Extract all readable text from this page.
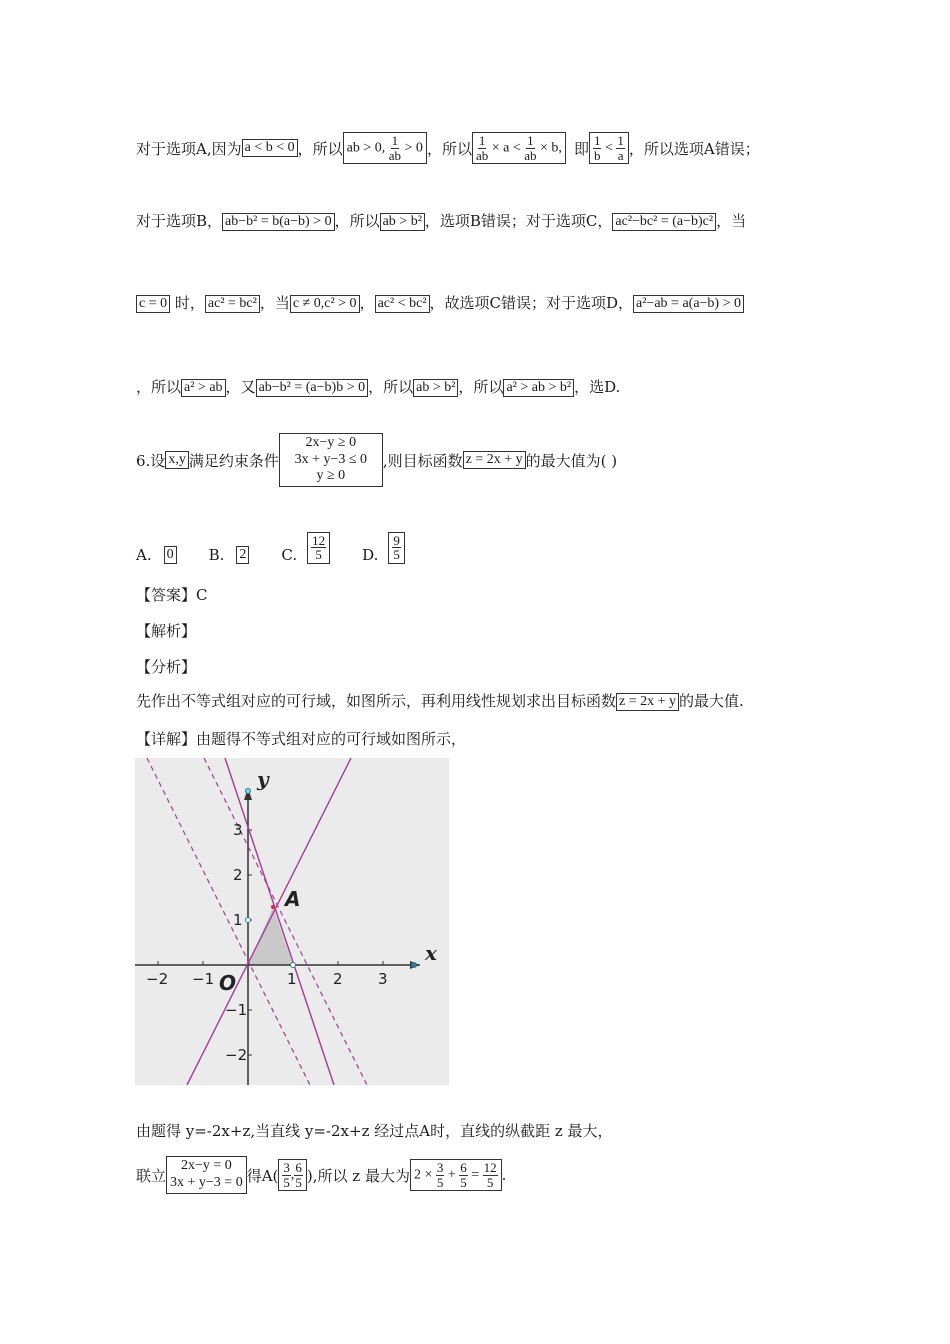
对于选项A,因为 a < b < 0 ，所以 ab > 0, $\frac{1}{ab} > 0$ ，所以 $\frac{1}{ab} \times a < \frac{1}{ab} \times b$, 即 $\frac{1}{b} < \frac{1}{a}$ ，所以选项A错误；
对于选项B， ab−b² = b(a−b) > 0 ，所以 ab > b² ，选项B错误；对于选项C， ac²−bc² = (a−b)c² ，当
c = 0 时， ac² = bc² ，当 c ≠ 0,c² > 0 ， ac² < bc² ，故选项C错误；对于选项D， a²−ab = a(a−b) > 0
，所以 a² > ab ，又 ab−b² = (a−b)b > 0 ，所以 ab > b² ，所以 a² > ab > b² ，选D.
6.设 x,y 满足约束条件
2x−y ≥ 0
3x + y−3 ≤ 0
y ≥ 0
,则目标函数 z = 2x + y 的最大值为( )
A. 0 B. 2 C. $\frac{12}{5} D$. $\frac{9}{5}$
【答案】C
【解析】
【分析】
先作出不等式组对应的可行域，如图所示，再利用线性规划求出目标函数 z = 2x + y 的最大值.
【详解】由题得不等式组对应的可行域如图所示，
x
y
O
A
−2 −1	1 2 3
3
2
1
−1
−2
由题得 y=-2x+z,当直线 y=-2x+z 经过点A时，直线的纵截距 z 最大，
联立
2x−y = 0
3x + y−3 = 0 得$A( \frac{3}{5}$ , $\frac{6}{5}$ ),所以 z 最大为 $2 \times \frac{3}{5} + \frac{6}{5} = \frac{12}{5}$ .
